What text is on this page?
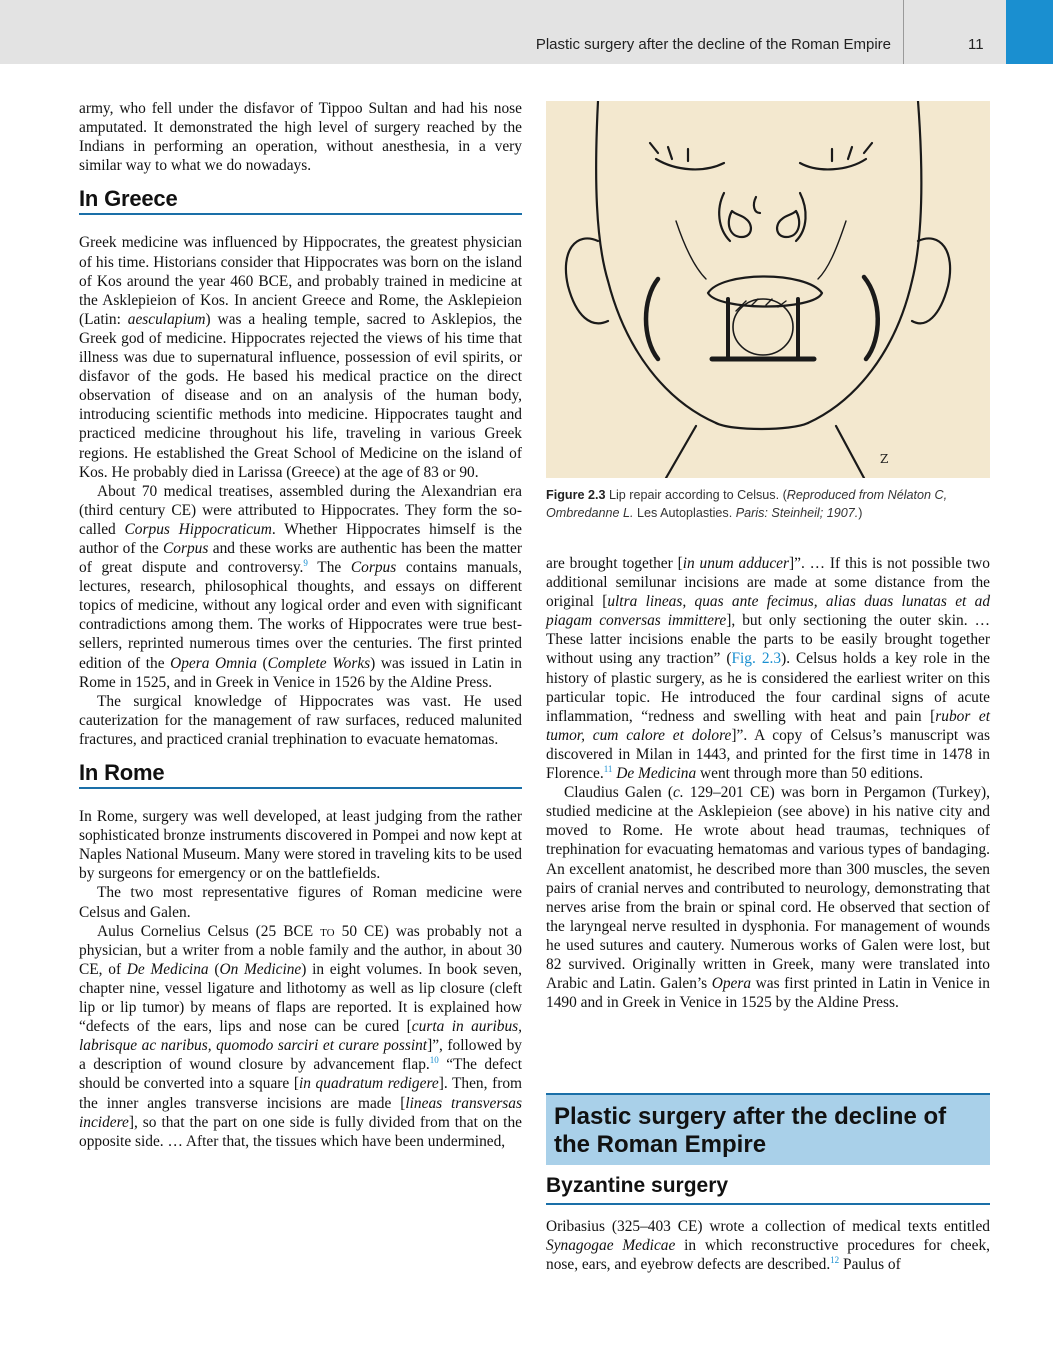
Plastic surgery after the decline of the Roman Empire	11

army, who fell under the disfavor of Tippoo Sultan and had his nose amputated. It demonstrated the high level of surgery reached by the Indians in performing an operation, without anesthesia, in a very similar way to what we do nowadays.

In Greece

Greek medicine was influenced by Hippocrates, the greatest physician of his time. Historians consider that Hippocrates was born on the island of Kos around the year 460 BCE, and probably trained in medicine at the Asklepieion of Kos. In ancient Greece and Rome, the Asklepieion (Latin: aesculapium) was a healing temple, sacred to Asklepios, the Greek god of medicine. Hippocrates rejected the views of his time that illness was due to supernatural influence, possession of evil spirits, or disfavor of the gods. He based his medical practice on the direct observation of disease and on an analysis of the human body, introducing scientific methods into medicine. Hippocrates taught and practiced medicine throughout his life, traveling in various Greek regions. He established the Great School of Medicine on the island of Kos. He probably died in Larissa (Greece) at the age of 83 or 90.

About 70 medical treatises, assembled during the Alexandrian era (third century CE) were attributed to Hippocrates. They form the so-called Corpus Hippocraticum. Whether Hippocrates himself is the author of the Corpus and these works are authentic has been the matter of great dispute and controversy.$^9$ The Corpus contains manuals, lectures, research, philosophical thoughts, and essays on different topics of medicine, without any logical order and even with significant contradictions among them. The works of Hippocrates were true best-sellers, reprinted numerous times over the centuries. The first printed edition of the Opera Omnia (Complete Works) was issued in Latin in Rome in 1525, and in Greek in Venice in 1526 by the Aldine Press.

The surgical knowledge of Hippocrates was vast. He used cauterization for the management of raw surfaces, reduced malunited fractures, and practiced cranial trephination to evacuate hematomas.

In Rome

In Rome, surgery was well developed, at least judging from the rather sophisticated bronze instruments discovered in Pompei and now kept at Naples National Museum. Many were stored in traveling kits to be used by surgeons for emergency or on the battlefields.

The two most representative figures of Roman medicine were Celsus and Galen.

Aulus Cornelius Celsus (25 BCE to 50 CE) was probably not a physician, but a writer from a noble family and the author, in about 30 CE, of De Medicina (On Medicine) in eight volumes. In book seven, chapter nine, vessel ligature and lithotomy as well as lip closure (cleft lip or lip tumor) by means of flaps are reported. It is explained how “defects of the ears, lips and nose can be cured [curta in auribus, labrisque ac naribus, quomodo sarciri et curare possint]”, followed by a description of wound closure by advancement flap.$^{10}$ “The defect should be converted into a square [in quadratum redigere]. Then, from the inner angles transverse incisions are made [lineas transversas incidere], so that the part on one side is fully divided from that on the opposite side. … After that, the tissues which have been undermined,

Z
Figure 2.3 Lip repair according to Celsus. (Reproduced from Nélaton C, Ombredanne L. Les Autoplasties. Paris: Steinheil; 1907.)

are brought together [in unum adducer]”. … If this is not possible two additional semilunar incisions are made at some distance from the original [ultra lineas, quas ante fecimus, alias duas lunatas et ad piagam conversas immittere], but only sectioning the outer skin. … These latter incisions enable the parts to be easily brought together without using any traction” (Fig. 2.3). Celsus holds a key role in the history of plastic surgery, as he is considered the earliest writer on this particular topic. He introduced the four cardinal signs of acute inflammation, “redness and swelling with heat and pain [rubor et tumor, cum calore et dolore]”. A copy of Celsus’s manuscript was discovered in Milan in 1443, and printed for the first time in 1478 in Florence.$^{11}$ De Medicina went through more than 50 editions.

Claudius Galen (c. 129–201 CE) was born in Pergamon (Turkey), studied medicine at the Asklepieion (see above) in his native city and moved to Rome. He wrote about head traumas, techniques of trephination for evacuating hematomas and various types of bandaging. An excellent anatomist, he described more than 300 muscles, the seven pairs of cranial nerves and contributed to neurology, demonstrating that nerves arise from the brain or spinal cord. He observed that section of the laryngeal nerve resulted in dysphonia. For management of wounds he used sutures and cautery. Numerous works of Galen were lost, but 82 survived. Originally written in Greek, many were translated into Arabic and Latin. Galen’s Opera was first printed in Latin in Venice in 1490 and in Greek in Venice in 1525 by the Aldine Press.

Plastic surgery after the decline of the Roman Empire
Byzantine surgery

Oribasius (325–403 CE) wrote a collection of medical texts entitled Synagogae Medicae in which reconstructive procedures for cheek, nose, ears, and eyebrow defects are described.$^{12}$ Paulus of
